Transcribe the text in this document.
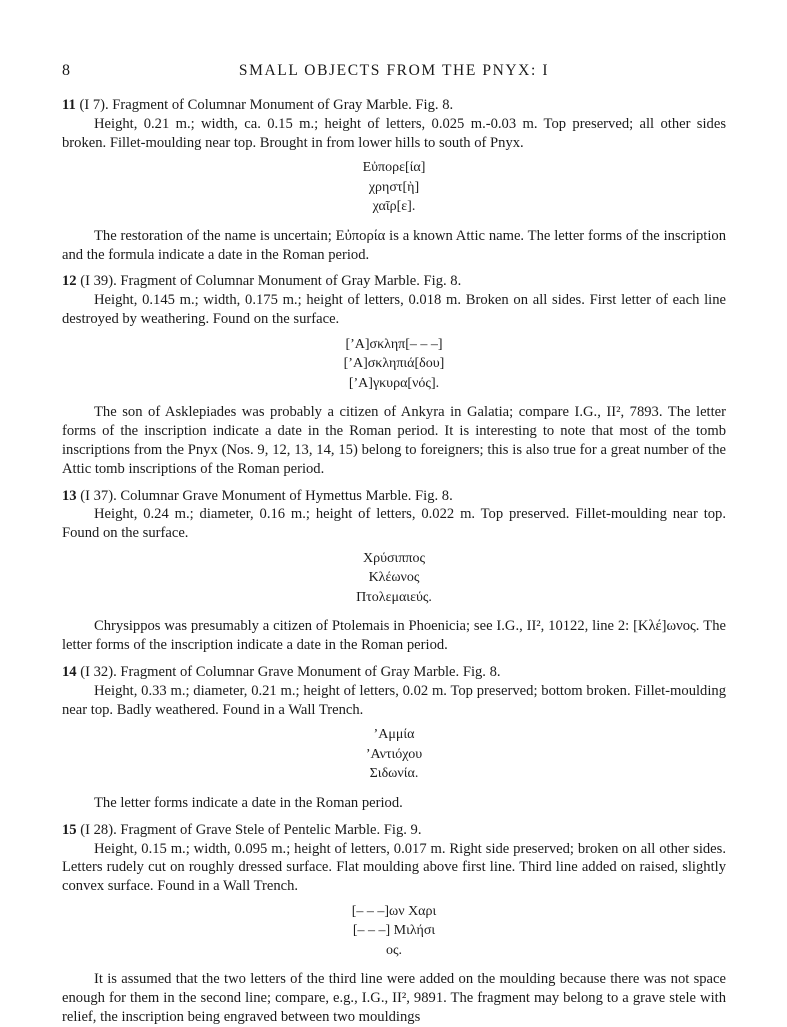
8	SMALL OBJECTS FROM THE PNYX: I

11 (I 7). Fragment of Columnar Monument of Gray Marble. Fig. 8.

Height, 0.21 m.; width, ca. 0.15 m.; height of letters, 0.025 m.-0.03 m. Top preserved; all other sides broken. Fillet-moulding near top. Brought in from lower hills to south of Pnyx.

Εὐπορε[ία]
χρηστ[ὴ]
χαῖρ[ε].

The restoration of the name is uncertain; Εὐπορία is a known Attic name. The letter forms of the inscription and the formula indicate a date in the Roman period.

12 (I 39). Fragment of Columnar Monument of Gray Marble. Fig. 8.

Height, 0.145 m.; width, 0.175 m.; height of letters, 0.018 m. Broken on all sides. First letter of each line destroyed by weathering. Found on the surface.

[ʼΑ]σκληπ[– – –]
[ʼΑ]σκληπιά[δου]
[ʼΑ]γκυρα[νός].

The son of Asklepiades was probably a citizen of Ankyra in Galatia; compare I.G., II², 7893. The letter forms of the inscription indicate a date in the Roman period. It is interesting to note that most of the tomb inscriptions from the Pnyx (Nos. 9, 12, 13, 14, 15) belong to foreigners; this is also true for a great number of the Attic tomb inscriptions of the Roman period.

13 (I 37). Columnar Grave Monument of Hymettus Marble. Fig. 8.

Height, 0.24 m.; diameter, 0.16 m.; height of letters, 0.022 m. Top preserved. Fillet-moulding near top. Found on the surface.

Χρύσιππος
Κλέωνος
Πτολεμαιεύς.

Chrysippos was presumably a citizen of Ptolemais in Phoenicia; see I.G., II², 10122, line 2: [Κλέ]ωνος. The letter forms of the inscription indicate a date in the Roman period.

14 (I 32). Fragment of Columnar Grave Monument of Gray Marble. Fig. 8.

Height, 0.33 m.; diameter, 0.21 m.; height of letters, 0.02 m. Top preserved; bottom broken. Fillet-moulding near top. Badly weathered. Found in a Wall Trench.

ʼΑμμία
ʼΑντιόχου
Σιδωνία.

The letter forms indicate a date in the Roman period.

15 (I 28). Fragment of Grave Stele of Pentelic Marble. Fig. 9.

Height, 0.15 m.; width, 0.095 m.; height of letters, 0.017 m. Right side preserved; broken on all other sides. Letters rudely cut on roughly dressed surface. Flat moulding above first line. Third line added on raised, slightly convex surface. Found in a Wall Trench.

[– – –]ων Χαρι
[– – –] Μιλήσι
ος.

It is assumed that the two letters of the third line were added on the moulding because there was not space enough for them in the second line; compare, e.g., I.G., II², 9891. The fragment may belong to a grave stele with relief, the inscription being engraved between two mouldings
